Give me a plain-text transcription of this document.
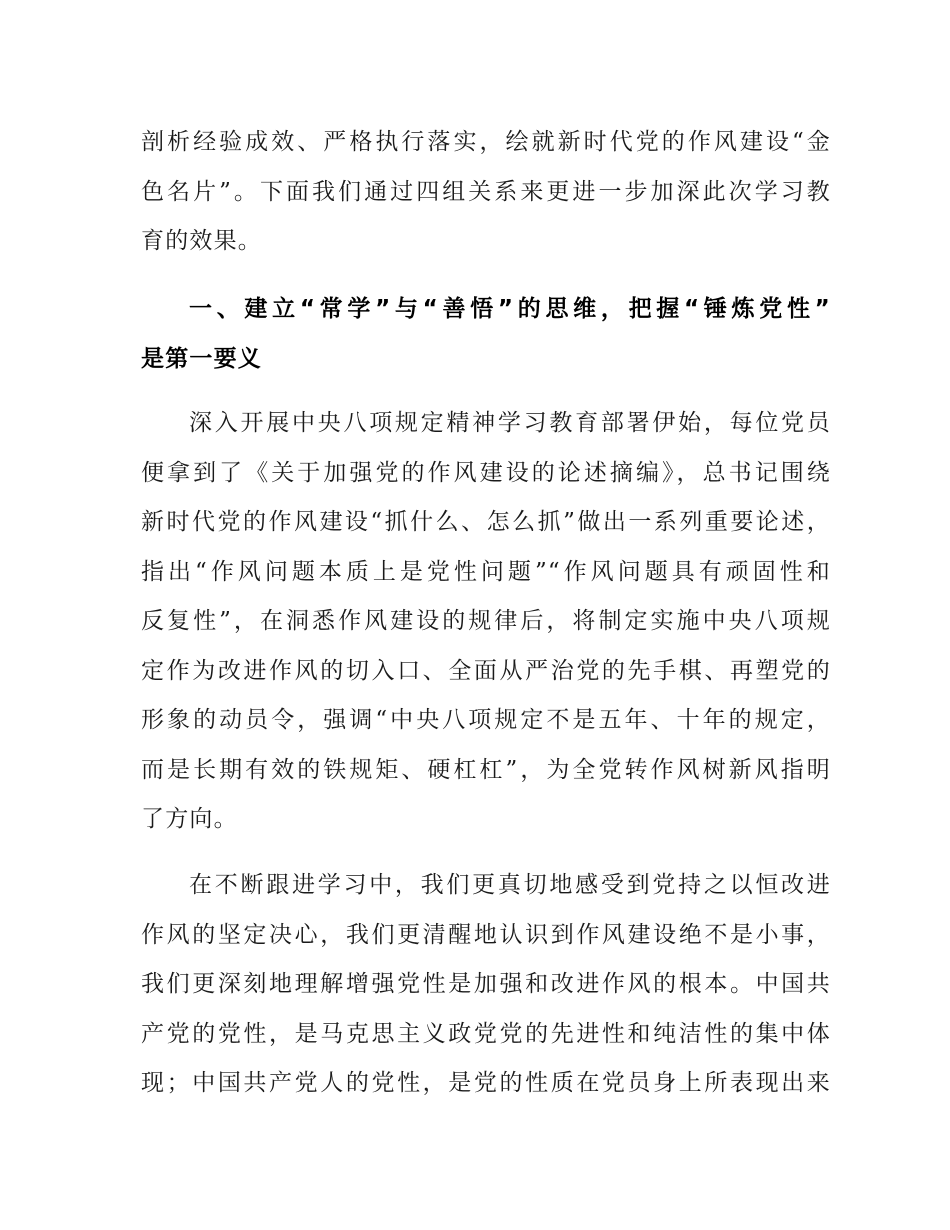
剖析经验成效、严格执行落实，绘就新时代党的作风建设“金
色名片”。下面我们通过四组关系来更进一步加深此次学习教
育的效果。
一、建立“常学”与“善悟”的思维，把握“锤炼党性”
是第一要义
深入开展中央八项规定精神学习教育部署伊始，每位党员
便拿到了《关于加强党的作风建设的论述摘编》，总书记围绕
新时代党的作风建设“抓什么、怎么抓”做出一系列重要论述，
指出“作风问题本质上是党性问题”“作风问题具有顽固性和
反复性”，在洞悉作风建设的规律后，将制定实施中央八项规
定作为改进作风的切入口、全面从严治党的先手棋、再塑党的
形象的动员令，强调“中央八项规定不是五年、十年的规定，
而是长期有效的铁规矩、硬杠杠”，为全党转作风树新风指明
了方向。
在不断跟进学习中，我们更真切地感受到党持之以恒改进
作风的坚定决心，我们更清醒地认识到作风建设绝不是小事，
我们更深刻地理解增强党性是加强和改进作风的根本。中国共
产党的党性，是马克思主义政党党的先进性和纯洁性的集中体
现；中国共产党人的党性，是党的性质在党员身上所表现出来
